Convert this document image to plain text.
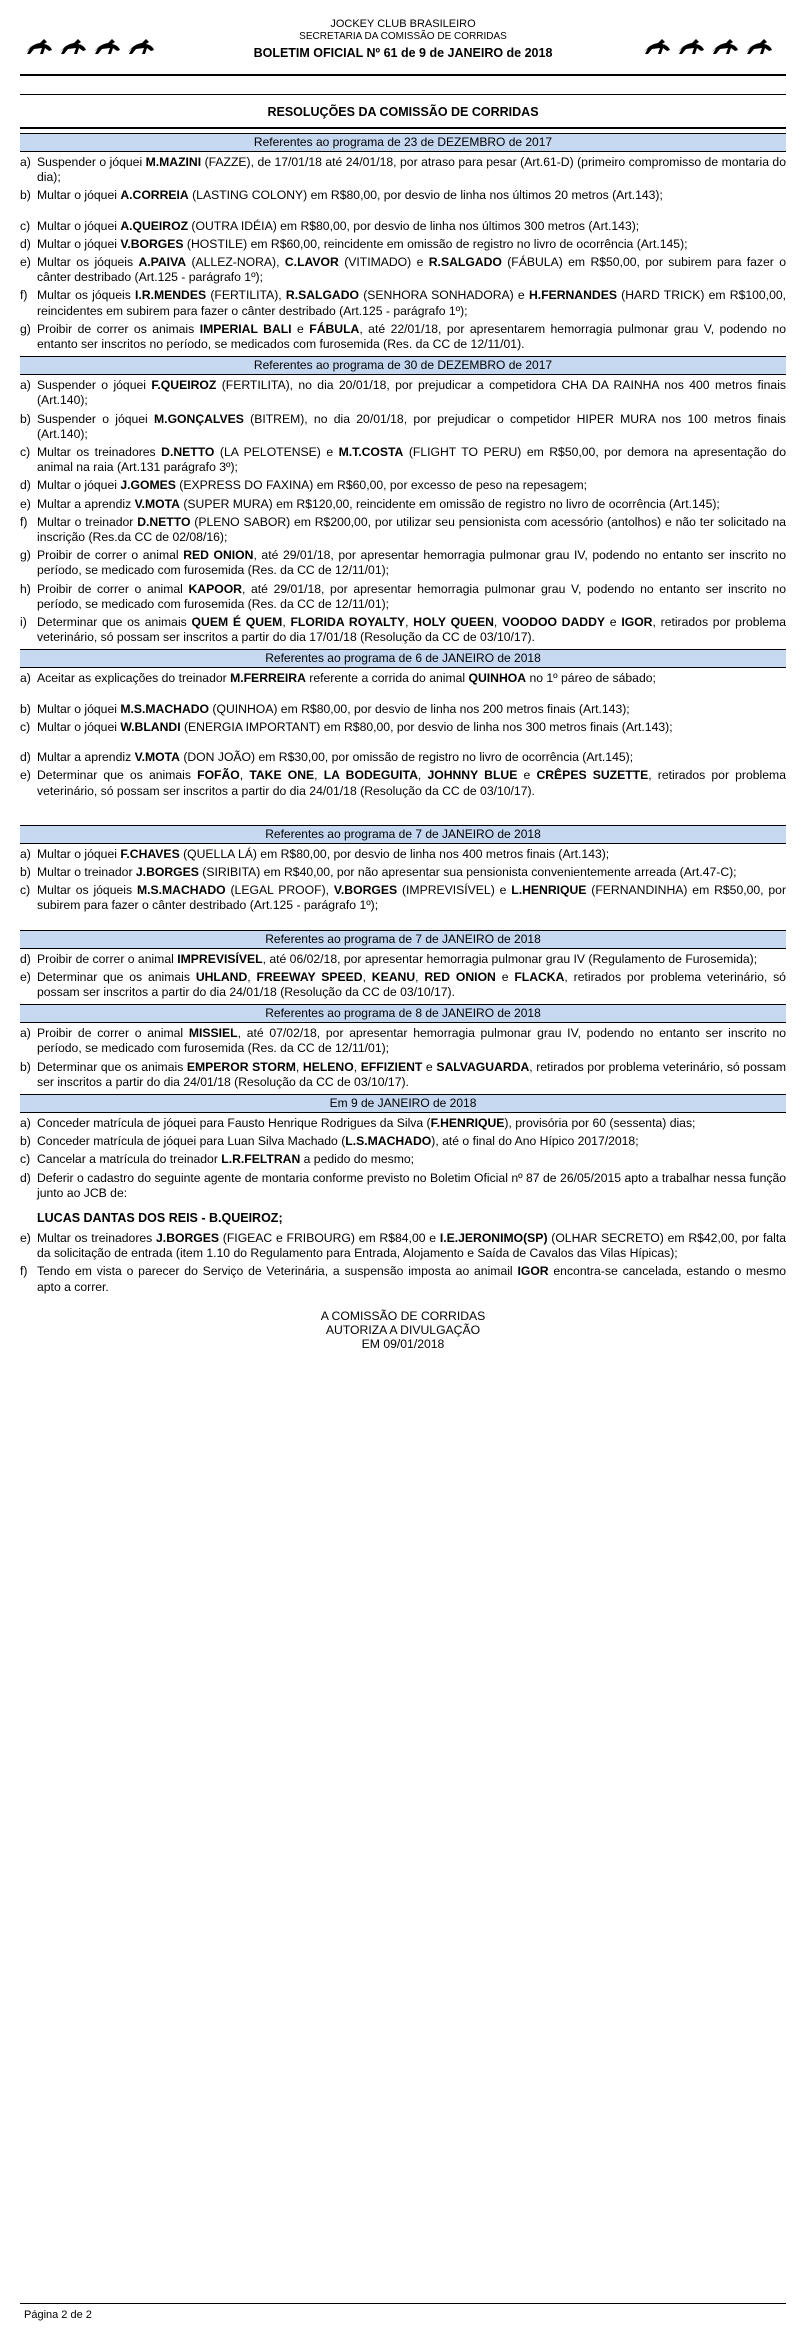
JOCKEY CLUB BRASILEIRO
SECRETARIA DA COMISSÃO DE CORRIDAS
BOLETIM OFICIAL Nº 61 de 9 de JANEIRO de 2018
RESOLUÇÕES DA COMISSÃO DE CORRIDAS
Referentes ao programa de 23 de DEZEMBRO de 2017
a) Suspender o jóquei M.MAZINI (FAZZE), de 17/01/18 até 24/01/18, por atraso para pesar (Art.61-D) (primeiro compromisso de montaria do dia);
b) Multar o jóquei A.CORREIA (LASTING COLONY) em R$80,00, por desvio de linha nos últimos 20 metros (Art.143);
c) Multar o jóquei A.QUEIROZ (OUTRA IDÉIA) em R$80,00, por desvio de linha nos últimos 300 metros (Art.143);
d) Multar o jóquei V.BORGES (HOSTILE) em R$60,00, reincidente em omissão de registro no livro de ocorrência (Art.145);
e) Multar os jóqueis A.PAIVA (ALLEZ-NORA), C.LAVOR (VITIMADO) e R.SALGADO (FÁBULA) em R$50,00, por subirem para fazer o cânter destribado (Art.125 - parágrafo 1º);
f) Multar os jóqueis I.R.MENDES (FERTILITA), R.SALGADO (SENHORA SONHADORA) e H.FERNANDES (HARD TRICK) em R$100,00, reincidentes em subirem para fazer o cânter destribado (Art.125 - parágrafo 1º);
g) Proibir de correr os animais IMPERIAL BALI e FÁBULA, até 22/01/18, por apresentarem hemorragia pulmonar grau V, podendo no entanto ser inscritos no período, se medicados com furosemida (Res. da CC de 12/11/01).
Referentes ao programa de 30 de DEZEMBRO de 2017
a) Suspender o jóquei F.QUEIROZ (FERTILITA), no dia 20/01/18, por prejudicar a competidora CHA DA RAINHA nos 400 metros finais (Art.140);
b) Suspender o jóquei M.GONÇALVES (BITREM), no dia 20/01/18, por prejudicar o competidor HIPER MURA nos 100 metros finais (Art.140);
c) Multar os treinadores D.NETTO (LA PELOTENSE) e M.T.COSTA (FLIGHT TO PERU) em R$50,00, por demora na apresentação do animal na raia (Art.131 parágrafo 3º);
d) Multar o jóquei J.GOMES (EXPRESS DO FAXINA) em R$60,00, por excesso de peso na repesagem;
e) Multar a aprendiz V.MOTA (SUPER MURA) em R$120,00, reincidente em omissão de registro no livro de ocorrência (Art.145);
f) Multar o treinador D.NETTO (PLENO SABOR) em R$200,00, por utilizar seu pensionista com acessório (antolhos) e não ter solicitado na inscrição (Res.da CC de 02/08/16);
g) Proibir de correr o animal RED ONION, até 29/01/18, por apresentar hemorragia pulmonar grau IV, podendo no entanto ser inscrito no período, se medicado com furosemida (Res. da CC de 12/11/01);
h) Proibir de correr o animal KAPOOR, até 29/01/18, por apresentar hemorragia pulmonar grau V, podendo no entanto ser inscrito no período, se medicado com furosemida (Res. da CC de 12/11/01);
i) Determinar que os animais QUEM É QUEM, FLORIDA ROYALTY, HOLY QUEEN, VOODOO DADDY e IGOR, retirados por problema veterinário, só possam ser inscritos a partir do dia 17/01/18 (Resolução da CC de 03/10/17).
Referentes ao programa de 6 de JANEIRO de 2018
a) Aceitar as explicações do treinador M.FERREIRA referente a corrida do animal QUINHOA no 1º páreo de sábado;
b) Multar o jóquei M.S.MACHADO (QUINHOA) em R$80,00, por desvio de linha nos 200 metros finais (Art.143);
c) Multar o jóquei W.BLANDI (ENERGIA IMPORTANT) em R$80,00, por desvio de linha nos 300 metros finais (Art.143);
d) Multar a aprendiz V.MOTA (DON JOÃO) em R$30,00, por omissão de registro no livro de ocorrência (Art.145);
e) Determinar que os animais FOFÃO, TAKE ONE, LA BODEGUITA, JOHNNY BLUE e CRÊPES SUZETTE, retirados por problema veterinário, só possam ser inscritos a partir do dia 24/01/18 (Resolução da CC de 03/10/17).
Referentes ao programa de 7 de JANEIRO de 2018
a) Multar o jóquei F.CHAVES (QUELLA LÁ) em R$80,00, por desvio de linha nos 400 metros finais (Art.143);
b) Multar o treinador J.BORGES (SIRIBITA) em R$40,00, por não apresentar sua pensionista convenientemente arreada (Art.47-C);
c) Multar os jóqueis M.S.MACHADO (LEGAL PROOF), V.BORGES (IMPREVISÍVEL) e L.HENRIQUE (FERNANDINHA) em R$50,00, por subirem para fazer o cânter destribado (Art.125 - parágrafo 1º);
Referentes ao programa de 7 de JANEIRO de 2018
d) Proibir de correr o animal IMPREVISÍVEL, até 06/02/18, por apresentar hemorragia pulmonar grau IV (Regulamento de Furosemida);
e) Determinar que os animais UHLAND, FREEWAY SPEED, KEANU, RED ONION e FLACKA, retirados por problema veterinário, só possam ser inscritos a partir do dia 24/01/18 (Resolução da CC de 03/10/17).
Referentes ao programa de 8 de JANEIRO de 2018
a) Proibir de correr o animal MISSIEL, até 07/02/18, por apresentar hemorragia pulmonar grau IV, podendo no entanto ser inscrito no período, se medicado com furosemida (Res. da CC de 12/11/01);
b) Determinar que os animais EMPEROR STORM, HELENO, EFFIZIENT e SALVAGUARDA, retirados por problema veterinário, só possam ser inscritos a partir do dia 24/01/18 (Resolução da CC de 03/10/17).
Em 9 de JANEIRO de 2018
a) Conceder matrícula de jóquei para Fausto Henrique Rodrigues da Silva (F.HENRIQUE), provisória por 60 (sessenta) dias;
b) Conceder matrícula de jóquei para Luan Silva Machado (L.S.MACHADO), até o final do Ano Hípico 2017/2018;
c) Cancelar a matrícula do treinador L.R.FELTRAN a pedido do mesmo;
d) Deferir o cadastro do seguinte agente de montaria conforme previsto no Boletim Oficial nº 87 de 26/05/2015 apto a trabalhar nessa função junto ao JCB de:
LUCAS DANTAS DOS REIS - B.QUEIROZ;
e) Multar os treinadores J.BORGES (FIGEAC e FRIBOURG) em R$84,00 e I.E.JERONIMO(SP) (OLHAR SECRETO) em R$42,00, por falta da solicitação de entrada (item 1.10 do Regulamento para Entrada, Alojamento e Saída de Cavalos das Vilas Hípicas);
f) Tendo em vista o parecer do Serviço de Veterinária, a suspensão imposta ao animail IGOR encontra-se cancelada, estando o mesmo apto a correr.
A COMISSÃO DE CORRIDAS
AUTORIZA A DIVULGAÇÃO
EM 09/01/2018
Página 2 de 2
